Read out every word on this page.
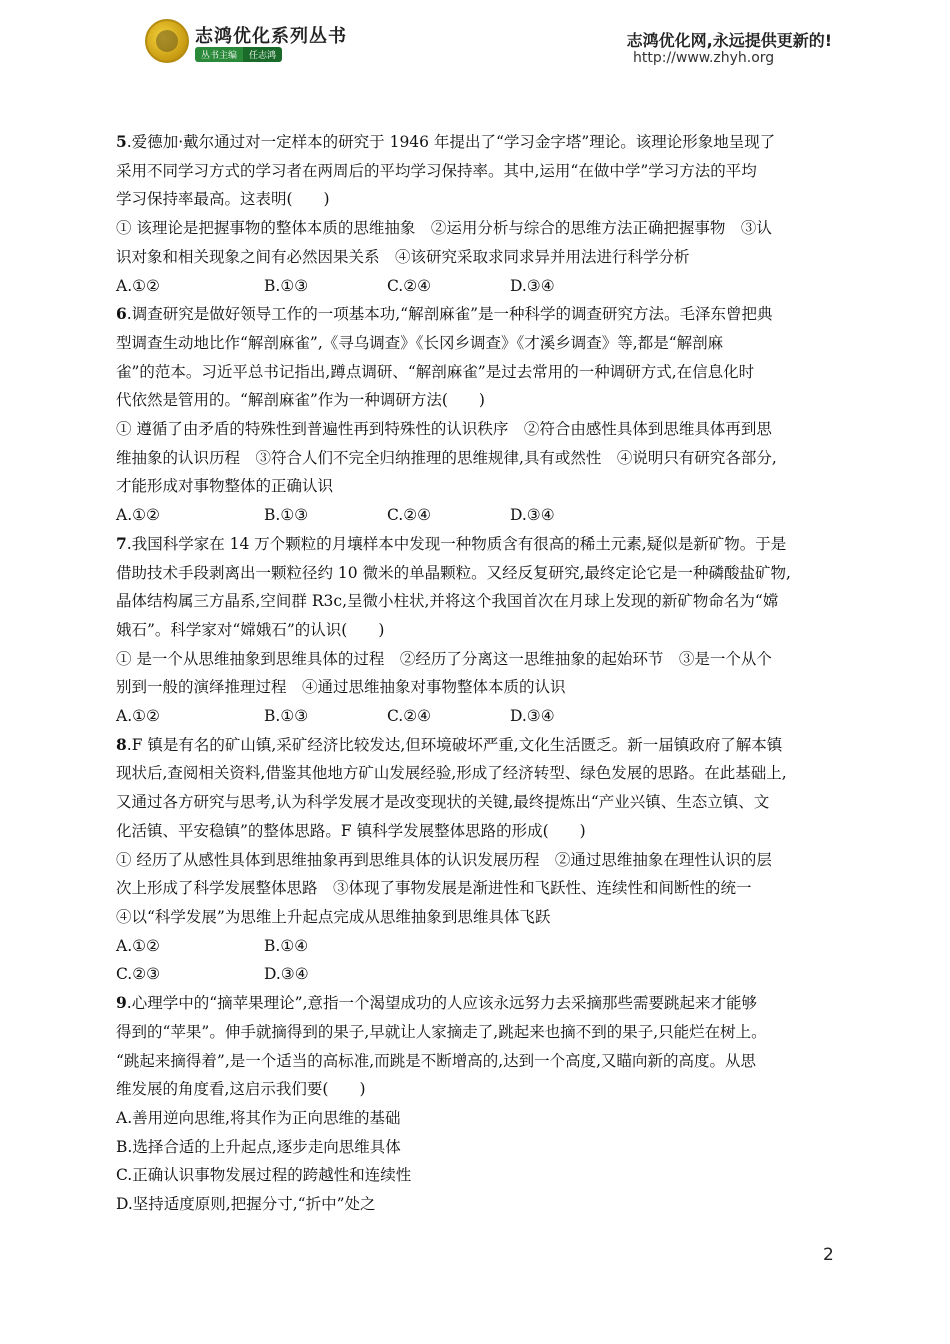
志鸿优化系列丛书
丛书主编 任志鸿
志鸿优化网,永远提供更新的!
http://www.zhyh.org
5.爱德加·戴尔通过对一定样本的研究于 1946 年提出了“学习金字塔”理论。该理论形象地呈现了
采用不同学习方式的学习者在两周后的平均学习保持率。其中,运用“在做中学”学习方法的平均
学习保持率最高。这表明(　　)
① 该理论是把握事物的整体本质的思维抽象　②运用分析与综合的思维方法正确把握事物　③认
识对象和相关现象之间有必然因果关系　④该研究采取求同求异并用法进行科学分析
A.①②	B.①③	C.②④	D.③④
6.调查研究是做好领导工作的一项基本功,“解剖麻雀”是一种科学的调查研究方法。毛泽东曾把典
型调查生动地比作“解剖麻雀”,《寻乌调查》《长冈乡调查》《才溪乡调查》等,都是“解剖麻
雀”的范本。习近平总书记指出,蹲点调研、“解剖麻雀”是过去常用的一种调研方式,在信息化时
代依然是管用的。“解剖麻雀”作为一种调研方法(　　)
① 遵循了由矛盾的特殊性到普遍性再到特殊性的认识秩序　②符合由感性具体到思维具体再到思
维抽象的认识历程　③符合人们不完全归纳推理的思维规律,具有或然性　④说明只有研究各部分,
才能形成对事物整体的正确认识
A.①②	B.①③	C.②④	D.③④
7.我国科学家在 14 万个颗粒的月壤样本中发现一种物质含有很高的稀土元素,疑似是新矿物。于是
借助技术手段剥离出一颗粒径约 10 微米的单晶颗粒。又经反复研究,最终定论它是一种磷酸盐矿物,
晶体结构属三方晶系,空间群 R3c,呈微小柱状,并将这个我国首次在月球上发现的新矿物命名为“嫦
娥石”。科学家对“嫦娥石”的认识(　　)
① 是一个从思维抽象到思维具体的过程　②经历了分离这一思维抽象的起始环节　③是一个从个
别到一般的演绎推理过程　④通过思维抽象对事物整体本质的认识
A.①②	B.①③	C.②④	D.③④
8.F 镇是有名的矿山镇,采矿经济比较发达,但环境破坏严重,文化生活匮乏。新一届镇政府了解本镇
现状后,查阅相关资料,借鉴其他地方矿山发展经验,形成了经济转型、绿色发展的思路。在此基础上,
又通过各方研究与思考,认为科学发展才是改变现状的关键,最终提炼出“产业兴镇、生态立镇、文
化活镇、平安稳镇”的整体思路。F 镇科学发展整体思路的形成(　　)
① 经历了从感性具体到思维抽象再到思维具体的认识发展历程　②通过思维抽象在理性认识的层
次上形成了科学发展整体思路　③体现了事物发展是渐进性和飞跃性、连续性和间断性的统一
④以“科学发展”为思维上升起点完成从思维抽象到思维具体飞跃
A.①②	B.①④
C.②③	D.③④
9.心理学中的“摘苹果理论”,意指一个渴望成功的人应该永远努力去采摘那些需要跳起来才能够
得到的“苹果”。伸手就摘得到的果子,早就让人家摘走了,跳起来也摘不到的果子,只能烂在树上。
“跳起来摘得着”,是一个适当的高标准,而跳是不断增高的,达到一个高度,又瞄向新的高度。从思
维发展的角度看,这启示我们要(　　)
A.善用逆向思维,将其作为正向思维的基础
B.选择合适的上升起点,逐步走向思维具体
C.正确认识事物发展过程的跨越性和连续性
D.坚持适度原则,把握分寸,“折中”处之
2
